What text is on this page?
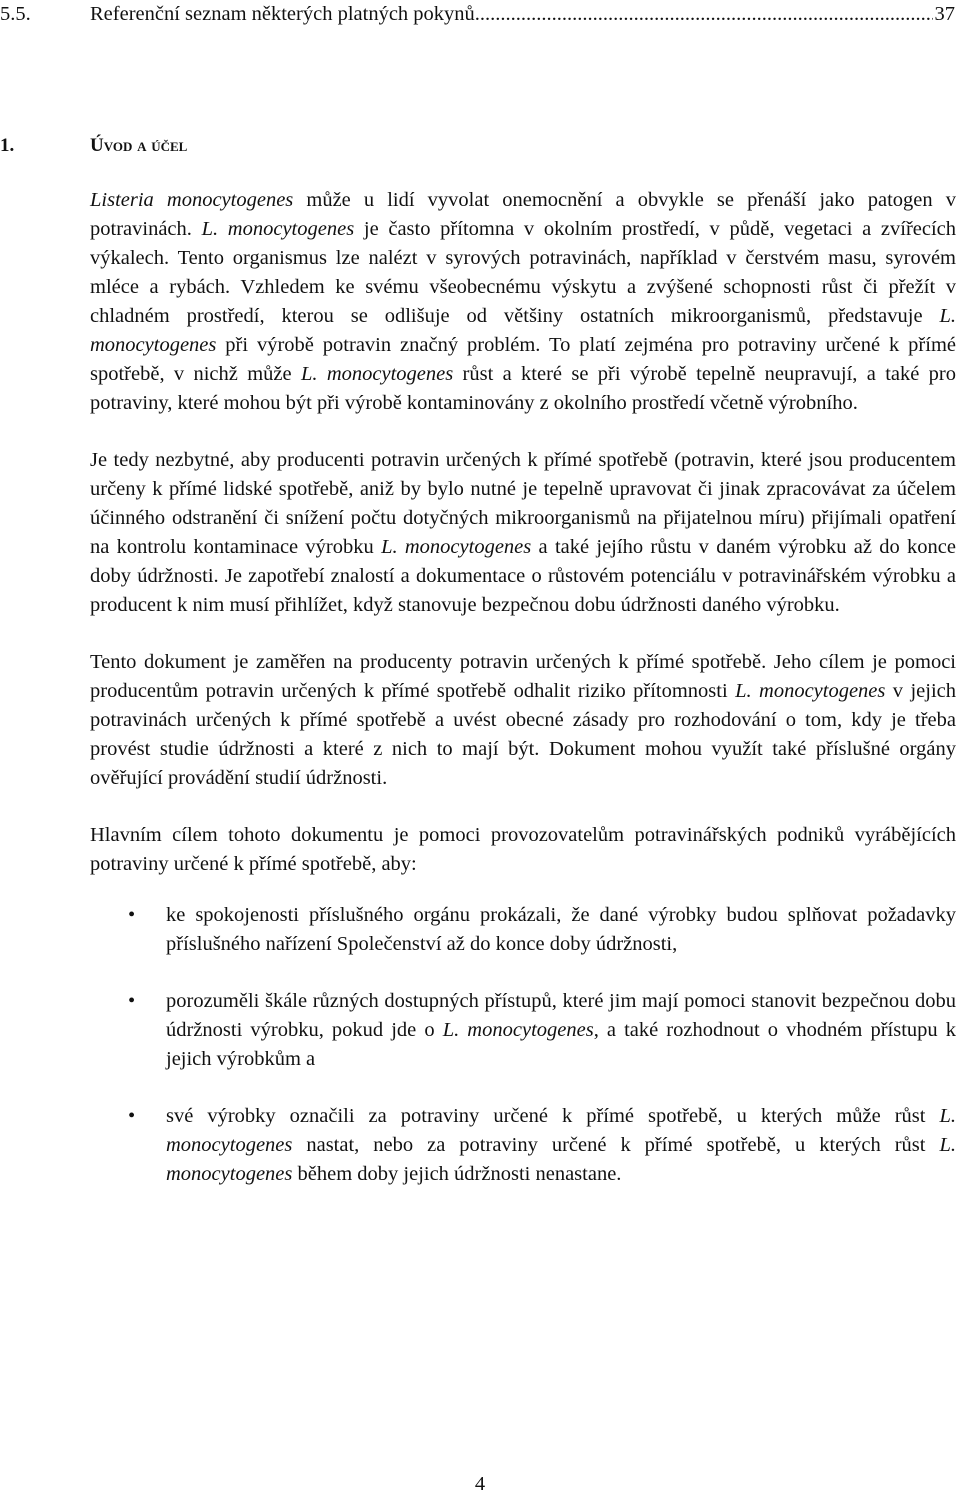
5.5.	Referenční seznam některých platných pokynů
.....	37
1.	Úvod a účel

Listeria monocytogenes může u lidí vyvolat onemocnění a obvykle se přenáší jako patogen v potravinách. L. monocytogenes je často přítomna v okolním prostředí, v půdě, vegetaci a zvířecích výkalech. Tento organismus lze nalézt v syrových potravinách, například v čerstvém masu, syrovém mléce a rybách. Vzhledem ke svému všeobecnému výskytu a zvýšené schopnosti růst či přežít v chladném prostředí, kterou se odlišuje od většiny ostatních mikroorganismů, představuje L. monocytogenes při výrobě potravin značný problém. To platí zejména pro potraviny určené k přímé spotřebě, v nichž může L. monocytogenes růst a které se při výrobě tepelně neupravují, a také pro potraviny, které mohou být při výrobě kontaminovány z okolního prostředí včetně výrobního.

Je tedy nezbytné, aby producenti potravin určených k přímé spotřebě (potravin, které jsou producentem určeny k přímé lidské spotřebě, aniž by bylo nutné je tepelně upravovat či jinak zpracovávat za účelem účinného odstranění či snížení počtu dotyčných mikroorganismů na přijatelnou míru) přijímali opatření na kontrolu kontaminace výrobku L. monocytogenes a také jejího růstu v daném výrobku až do konce doby údržnosti. Je zapotřebí znalostí a dokumentace o růstovém potenciálu v potravinářském výrobku a producent k nim musí přihlížet, když stanovuje bezpečnou dobu údržnosti daného výrobku.

Tento dokument je zaměřen na producenty potravin určených k přímé spotřebě. Jeho cílem je pomoci producentům potravin určených k přímé spotřebě odhalit riziko přítomnosti L. monocytogenes v jejich potravinách určených k přímé spotřebě a uvést obecné zásady pro rozhodování o tom, kdy je třeba provést studie údržnosti a které z nich to mají být. Dokument mohou využít také příslušné orgány ověřující provádění studií údržnosti.

Hlavním cílem tohoto dokumentu je pomoci provozovatelům potravinářských podniků vyrábějících potraviny určené k přímé spotřebě, aby:

• ke spokojenosti příslušného orgánu prokázali, že dané výrobky budou splňovat požadavky příslušného nařízení Společenství až do konce doby údržnosti,
• porozuměli škále různých dostupných přístupů, které jim mají pomoci stanovit bezpečnou dobu údržnosti výrobku, pokud jde o L. monocytogenes, a také rozhodnout o vhodném přístupu k jejich výrobkům a
• své výrobky označili za potraviny určené k přímé spotřebě, u kterých může růst L. monocytogenes nastat, nebo za potraviny určené k přímé spotřebě, u kterých růst L. monocytogenes během doby jejich údržnosti nenastane.
4
